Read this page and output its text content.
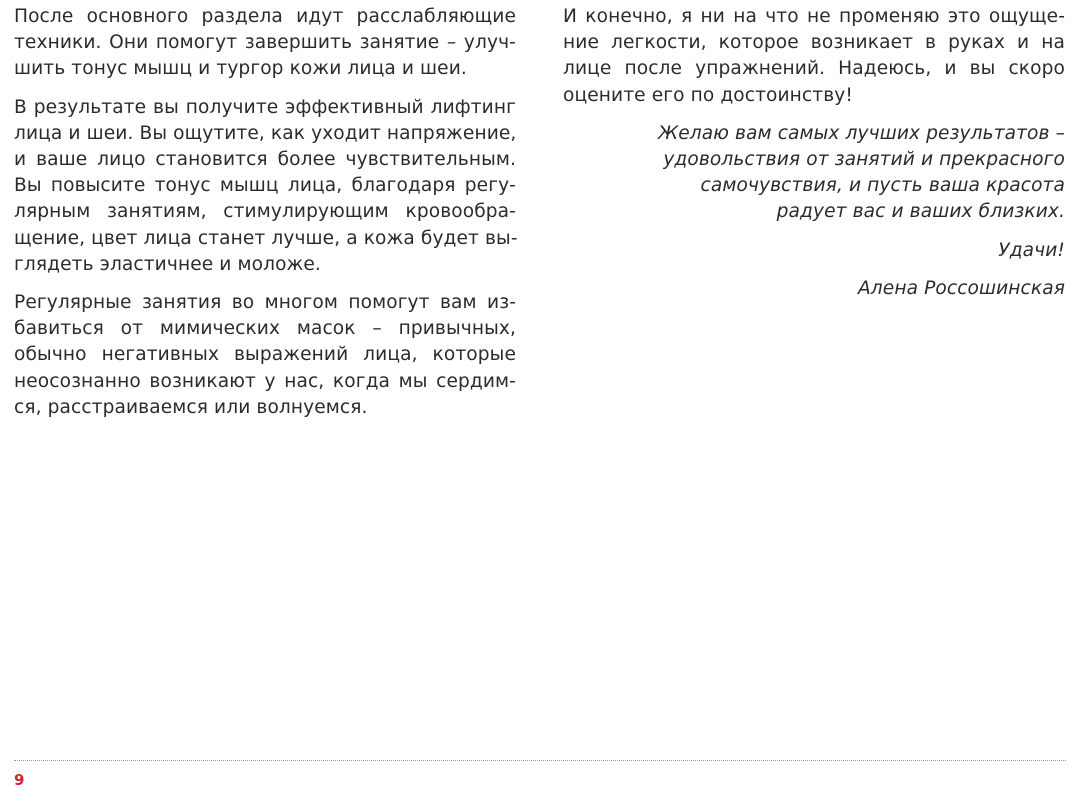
После основного раздела идут расслабляющие
техники. Они помогут завершить занятие – улуч-
шить тонус мышц и тургор кожи лица и шеи.

В результате вы получите эффективный лифтинг
лица и шеи. Вы ощутите, как уходит напряжение,
и ваше лицо становится более чувствительным.
Вы повысите тонус мышц лица, благодаря регу-
лярным занятиям, стимулирующим кровообра-
щение, цвет лица станет лучше, а кожа будет вы-
глядеть эластичнее и моложе.

Регулярные занятия во многом помогут вам из-
бавиться от мимических масок – привычных,
обычно негативных выражений лица, которые
неосознанно возникают у нас, когда мы сердим-
ся, расстраиваемся или волнуемся.

И конечно, я ни на что не променяю это ощуще-
ние легкости, которое возникает в руках и на
лице после упражнений. Надеюсь, и вы скоро
оцените его по достоинству!

Желаю вам самых лучших результатов –
удовольствия от занятий и прекрасного
самочувствия, и пусть ваша красота
радует вас и ваших близких.
Удачи!
Алена Россошинская
9
